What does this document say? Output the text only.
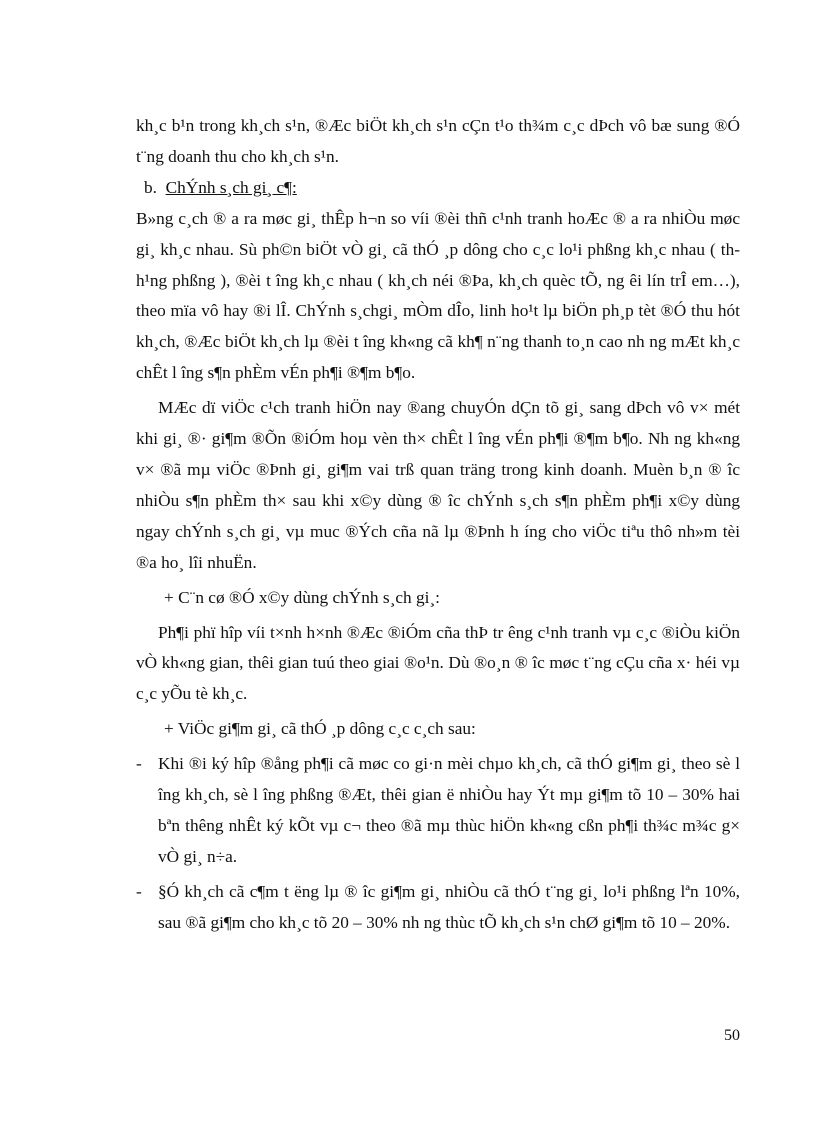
kh¸c b¹n trong kh¸ch s¹n, ®Æc biÖt kh¸ch s¹n cÇn t¹o th¾m c¸c dÞch vô bæ sung ®Ó t¨ng doanh thu cho kh¸ch s¹n.

b. ChÝnh s¸ch gi¸ c¶:

B»ng c¸ch ® a ra møc gi¸ thÊp h¬n so víi ®èi thñ c¹nh tranh hoÆc ® a ra nhiÒu møc gi¸ kh¸c nhau. Sù ph©n biÖt vÒ gi¸ cã thÓ ¸p dông cho c¸c lo¹i phßng kh¸c nhau ( th h¹ng phßng ), ®èi t îng kh¸c nhau ( kh¸ch néi ®Þa, kh¸ch quèc tÕ, ng êi lín trÎ em…), theo mïa vô hay ®i lÎ. ChÝnh s¸chgi¸ mÒm dÎo, linh ho¹t lµ biÖn ph¸p tèt ®Ó thu hót kh¸ch, ®Æc biÖt kh¸ch lµ ®èi t îng kh«ng cã kh¶ n¨ng thanh to¸n cao nh ng mÆt kh¸c chÊt l îng s¶n phÈm vÉn ph¶i ®¶m b¶o.

MÆc dï viÖc c¹ch tranh hiÖn nay ®ang chuyÓn dÇn tõ gi¸ sang dÞch vô v× mét khi gi¸ ®· gi¶m ®Õn ®iÓm hoµ vèn th× chÊt l îng vÉn ph¶i ®¶m b¶o. Nh ng kh«ng v× ®ã mµ viÖc ®Þnh gi¸ gi¶m vai trß quan träng trong kinh doanh. Muèn b¸n ® îc nhiÒu s¶n phÈm th× sau khi x©y dùng ® îc chÝnh s¸ch s¶n phÈm ph¶i x©y dùng ngay chÝnh s¸ch gi¸ vµ muc ®Ých cña nã lµ ®Þnh h íng cho viÖc tiªu thô nh»m tèi ®a ho¸ lîi nhuËn.

+ C¨n cø ®Ó x©y dùng chÝnh s¸ch gi¸:

Ph¶i phï hîp víi t×nh h×nh ®Æc ®iÓm cña thÞ tr êng c¹nh tranh vµ c¸c ®iÒu kiÖn vÒ kh«ng gian, thêi gian tuú theo giai ®o¹n. Dù ®o¸n ® îc møc t¨ng cÇu cña x· héi vµ c¸c yÕu tè kh¸c.

+ ViÖc gi¶m gi¸ cã thÓ ¸p dông c¸c c¸ch sau:

- Khi ®i ký hîp ®ång ph¶i cã møc co gi·n mèi chµo kh¸ch, cã thÓ gi¶m gi¸ theo sè l îng kh¸ch, sè l îng phßng ®Æt, thêi gian ë nhiÒu hay Ýt mµ gi¶m tõ 10 – 30% hai bªn thêng nhÊt ký kÕt vµ c¬ theo ®ã mµ thùc hiÖn kh«ng cßn ph¶i th¾c m¾c g× vÒ gi¸ n÷a.

- §Ó kh¸ch cã c¶m t ëng lµ ® îc gi¶m gi¸ nhiÒu cã thÓ t¨ng gi¸ lo¹i phßng lªn 10%, sau ®ã gi¶m cho kh¸c tõ 20 – 30% nh ng thùc tÕ kh¸ch s¹n chØ gi¶m tõ 10 – 20%.

50
